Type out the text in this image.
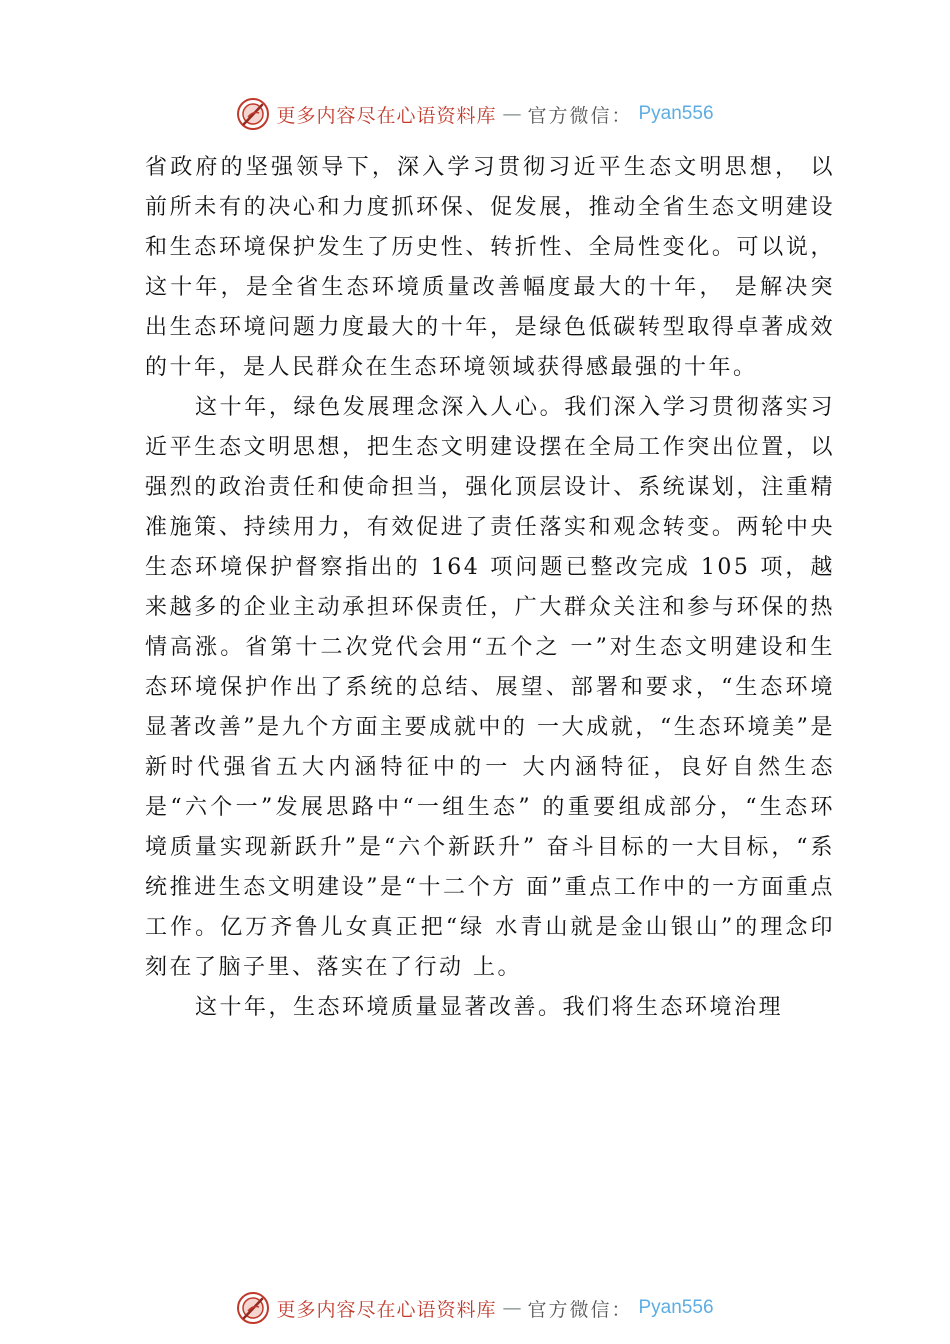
更多内容尽在心语资料库 — 官方微信： Pyan556

省政府的坚强领导下，深入学习贯彻习近平生态文明思想， 以前所未有的决心和力度抓环保、促发展，推动全省生态文明建设和生态环境保护发生了历史性、转折性、全局性变化。可以说，这十年，是全省生态环境质量改善幅度最大的十年， 是解决突出生态环境问题力度最大的十年，是绿色低碳转型取得卓著成效的十年，是人民群众在生态环境领域获得感最强的十年。

这十年，绿色发展理念深入人心。我们深入学习贯彻落实习近平生态文明思想，把生态文明建设摆在全局工作突出位置，以强烈的政治责任和使命担当，强化顶层设计、系统谋划，注重精准施策、持续用力，有效促进了责任落实和观念转变。两轮中央生态环境保护督察指出的 164 项问题已整改完成 105 项，越来越多的企业主动承担环保责任，广大群众关注和参与环保的热情高涨。省第十二次党代会用“五个之 一”对生态文明建设和生态环境保护作出了系统的总结、展望、部署和要求，“生态环境显著改善”是九个方面主要成就中的 一大成就，“生态环境美”是新时代强省五大内涵特征中的一 大内涵特征，良好自然生态是“六个一”发展思路中“一组生态” 的重要组成部分，“生态环境质量实现新跃升”是“六个新跃升” 奋斗目标的一大目标，“系统推进生态文明建设”是“十二个方 面”重点工作中的一方面重点工作。亿万齐鲁儿女真正把“绿 水青山就是金山银山”的理念印刻在了脑子里、落实在了行动 上。

这十年，生态环境质量显著改善。我们将生态环境治理

更多内容尽在心语资料库 — 官方微信： Pyan556
